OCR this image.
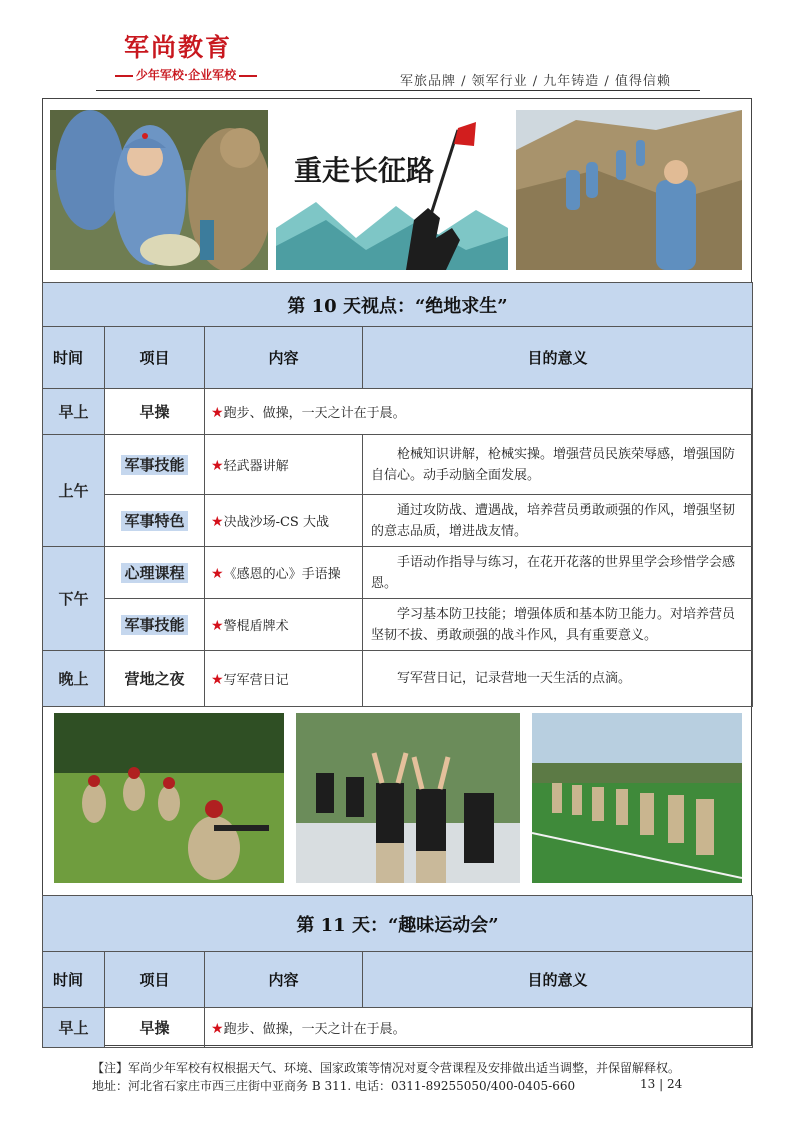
军尚教育
少年军校·企业军校	军旅品牌 / 领军行业 / 九年铸造 / 值得信赖
重走长征路
第 10 天视点：“绝地求生”			
时间	项目	内容	目的意义
早上	早操	★跑步、做操，一天之计在于晨。	
上午	军事技能	★轻武器讲解	枪械知识讲解，枪械实操。增强营员民族荣辱感，增强国防自信心。动手动脑全面发展。
	军事特色	★决战沙场-CS 大战	通过攻防战、遭遇战，培养营员勇敢顽强的作风，增强坚韧的意志品质，增进战友情。
下午	心理课程	★《感恩的心》手语操	手语动作指导与练习，在花开花落的世界里学会珍惜学会感恩。
	军事技能	★警棍盾牌术	学习基本防卫技能；增强体质和基本防卫能力。对培养营员坚韧不拔、勇敢顽强的战斗作风，具有重要意义。
晚上	营地之夜	★写军营日记	写军营日记，记录营地一天生活的点滴。
第 11 天：“趣味运动会”			
时间	项目	内容	目的意义
早上	早操	★跑步、做操，一天之计在于晨。	
【注】军尚少年军校有权根据天气、环境、国家政策等情况对夏令营课程及安排做出适当调整，并保留解释权。
地址：河北省石家庄市西三庄街中亚商务 B 311. 电话：0311-89255050/400-0405-660	13 | 24
